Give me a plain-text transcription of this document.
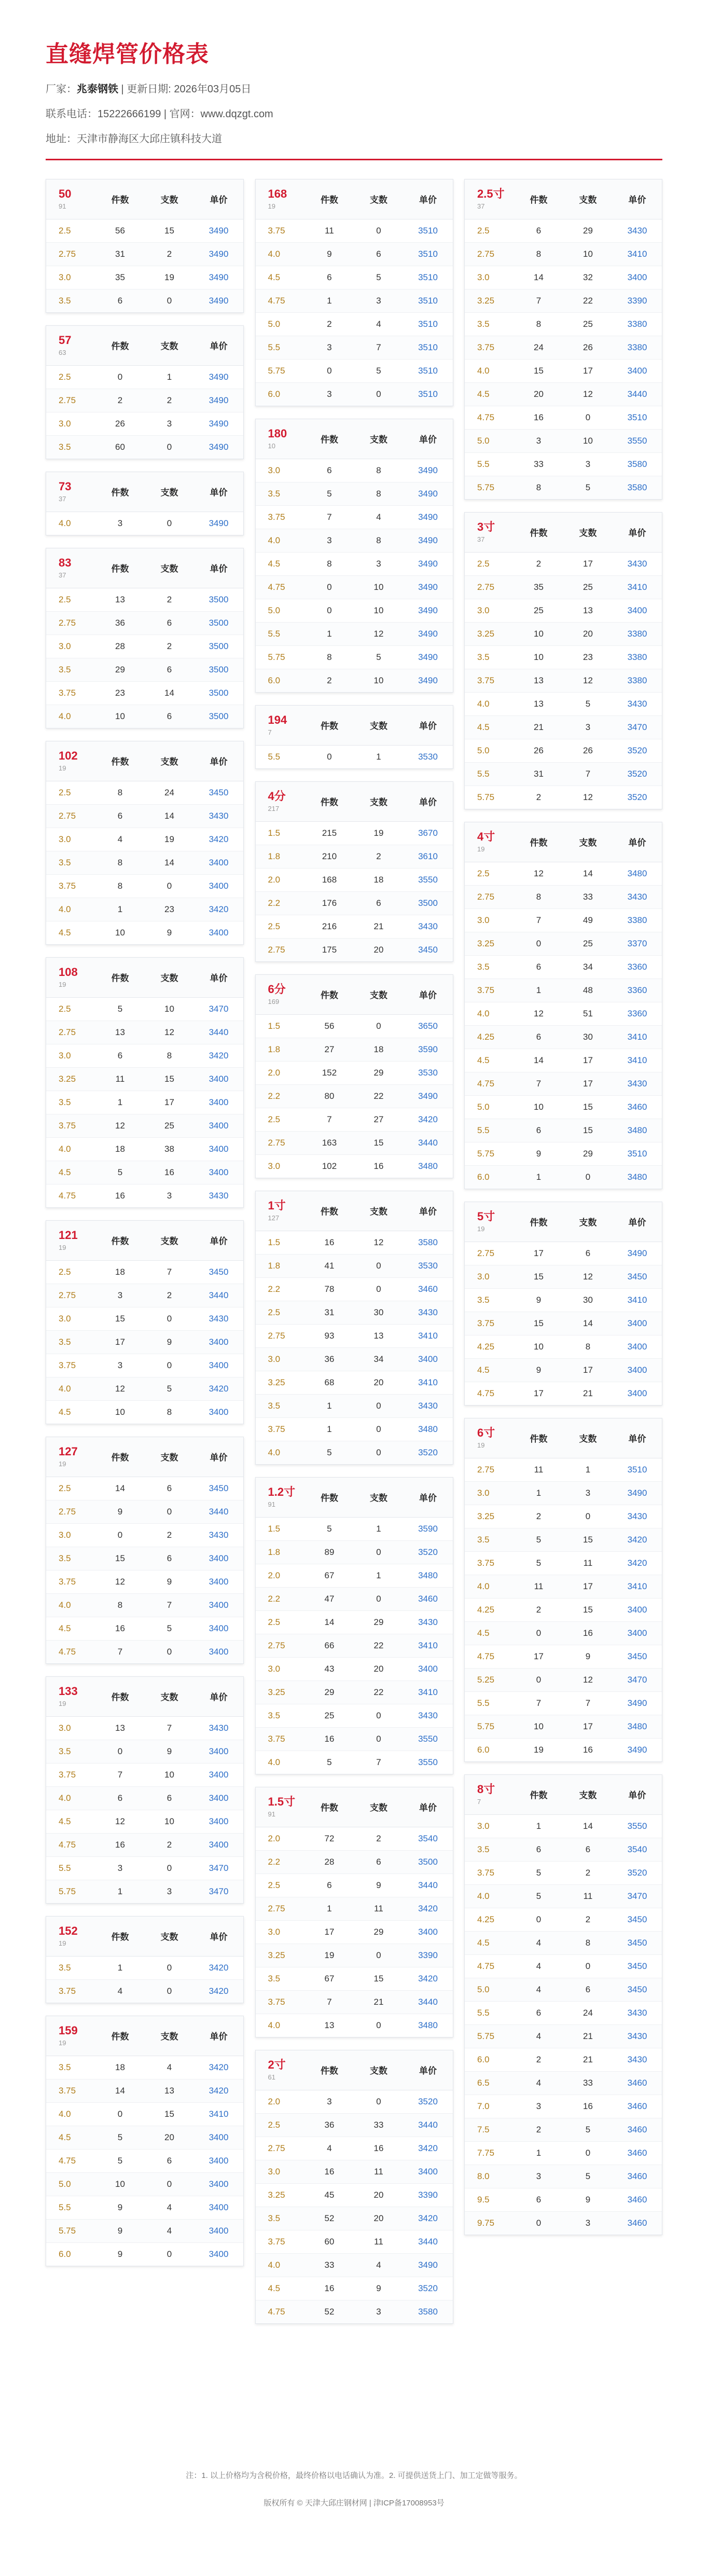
直缝焊管价格表
厂家：兆泰钢铁 | 更新日期: 2026年03月05日
联系电话：15222666199 | 官网：www.dqzgt.com
地址：天津市静海区大邱庄镇科技大道
50
91	件数	支数	单价
2.5	56	15	3490
2.75	31	2	3490
3.0	35	19	3490
3.5	6	0	3490
57
63	件数	支数	单价
2.5	0	1	3490
2.75	2	2	3490
3.0	26	3	3490
3.5	60	0	3490
73
37	件数	支数	单价
4.0	3	0	3490
83
37	件数	支数	单价
2.5	13	2	3500
2.75	36	6	3500
3.0	28	2	3500
3.5	29	6	3500
3.75	23	14	3500
4.0	10	6	3500
102
19	件数	支数	单价
2.5	8	24	3450
2.75	6	14	3430
3.0	4	19	3420
3.5	8	14	3400
3.75	8	0	3400
4.0	1	23	3420
4.5	10	9	3400
108
19	件数	支数	单价
2.5	5	10	3470
2.75	13	12	3440
3.0	6	8	3420
3.25	11	15	3400
3.5	1	17	3400
3.75	12	25	3400
4.0	18	38	3400
4.5	5	16	3400
4.75	16	3	3430
121
19	件数	支数	单价
2.5	18	7	3450
2.75	3	2	3440
3.0	15	0	3430
3.5	17	9	3400
3.75	3	0	3400
4.0	12	5	3420
4.5	10	8	3400
127
19	件数	支数	单价
2.5	14	6	3450
2.75	9	0	3440
3.0	0	2	3430
3.5	15	6	3400
3.75	12	9	3400
4.0	8	7	3400
4.5	16	5	3400
4.75	7	0	3400
133
19	件数	支数	单价
3.0	13	7	3430
3.5	0	9	3400
3.75	7	10	3400
4.0	6	6	3400
4.5	12	10	3400
4.75	16	2	3400
5.5	3	0	3470
5.75	1	3	3470
152
19	件数	支数	单价
3.5	1	0	3420
3.75	4	0	3420
159
19	件数	支数	单价
3.5	18	4	3420
3.75	14	13	3420
4.0	0	15	3410
4.5	5	20	3400
4.75	5	6	3400
5.0	10	0	3400
5.5	9	4	3400
5.75	9	4	3400
6.0	9	0	3400
168
19	件数	支数	单价
3.75	11	0	3510
4.0	9	6	3510
4.5	6	5	3510
4.75	1	3	3510
5.0	2	4	3510
5.5	3	7	3510
5.75	0	5	3510
6.0	3	0	3510
180
10	件数	支数	单价
3.0	6	8	3490
3.5	5	8	3490
3.75	7	4	3490
4.0	3	8	3490
4.5	8	3	3490
4.75	0	10	3490
5.0	0	10	3490
5.5	1	12	3490
5.75	8	5	3490
6.0	2	10	3490
194
7	件数	支数	单价
5.5	0	1	3530
4分
217	件数	支数	单价
1.5	215	19	3670
1.8	210	2	3610
2.0	168	18	3550
2.2	176	6	3500
2.5	216	21	3430
2.75	175	20	3450
6分
169	件数	支数	单价
1.5	56	0	3650
1.8	27	18	3590
2.0	152	29	3530
2.2	80	22	3490
2.5	7	27	3420
2.75	163	15	3440
3.0	102	16	3480
1寸
127	件数	支数	单价
1.5	16	12	3580
1.8	41	0	3530
2.2	78	0	3460
2.5	31	30	3430
2.75	93	13	3410
3.0	36	34	3400
3.25	68	20	3410
3.5	1	0	3430
3.75	1	0	3480
4.0	5	0	3520
1.2寸
91	件数	支数	单价
1.5	5	1	3590
1.8	89	0	3520
2.0	67	1	3480
2.2	47	0	3460
2.5	14	29	3430
2.75	66	22	3410
3.0	43	20	3400
3.25	29	22	3410
3.5	25	0	3430
3.75	16	0	3550
4.0	5	7	3550
1.5寸
91	件数	支数	单价
2.0	72	2	3540
2.2	28	6	3500
2.5	6	9	3440
2.75	1	11	3420
3.0	17	29	3400
3.25	19	0	3390
3.5	67	15	3420
3.75	7	21	3440
4.0	13	0	3480
2寸
61	件数	支数	单价
2.0	3	0	3520
2.5	36	33	3440
2.75	4	16	3420
3.0	16	11	3400
3.25	45	20	3390
3.5	52	20	3420
3.75	60	11	3440
4.0	33	4	3490
4.5	16	9	3520
4.75	52	3	3580
2.5寸
37	件数	支数	单价
2.5	6	29	3430
2.75	8	10	3410
3.0	14	32	3400
3.25	7	22	3390
3.5	8	25	3380
3.75	24	26	3380
4.0	15	17	3400
4.5	20	12	3440
4.75	16	0	3510
5.0	3	10	3550
5.5	33	3	3580
5.75	8	5	3580
3寸
37	件数	支数	单价
2.5	2	17	3430
2.75	35	25	3410
3.0	25	13	3400
3.25	10	20	3380
3.5	10	23	3380
3.75	13	12	3380
4.0	13	5	3430
4.5	21	3	3470
5.0	26	26	3520
5.5	31	7	3520
5.75	2	12	3520
4寸
19	件数	支数	单价
2.5	12	14	3480
2.75	8	33	3430
3.0	7	49	3380
3.25	0	25	3370
3.5	6	34	3360
3.75	1	48	3360
4.0	12	51	3360
4.25	6	30	3410
4.5	14	17	3410
4.75	7	17	3430
5.0	10	15	3460
5.5	6	15	3480
5.75	9	29	3510
6.0	1	0	3480
5寸
19	件数	支数	单价
2.75	17	6	3490
3.0	15	12	3450
3.5	9	30	3410
3.75	15	14	3400
4.25	10	8	3400
4.5	9	17	3400
4.75	17	21	3400
6寸
19	件数	支数	单价
2.75	11	1	3510
3.0	1	3	3490
3.25	2	0	3430
3.5	5	15	3420
3.75	5	11	3420
4.0	11	17	3410
4.25	2	15	3400
4.5	0	16	3400
4.75	17	9	3450
5.25	0	12	3470
5.5	7	7	3490
5.75	10	17	3480
6.0	19	16	3490
8寸
7	件数	支数	单价
3.0	1	14	3550
3.5	6	6	3540
3.75	5	2	3520
4.0	5	11	3470
4.25	0	2	3450
4.5	4	8	3450
4.75	4	0	3450
5.0	4	6	3450
5.5	6	24	3430
5.75	4	21	3430
6.0	2	21	3430
6.5	4	33	3460
7.0	3	16	3460
7.5	2	5	3460
7.75	1	0	3460
8.0	3	5	3460
9.5	6	9	3460
9.75	0	3	3460
注：1. 以上价格均为含税价格，最终价格以电话确认为准。2. 可提供送货上门、加工定做等服务。
版权所有 © 天津大邱庄钢材网 | 津ICP备17008953号
